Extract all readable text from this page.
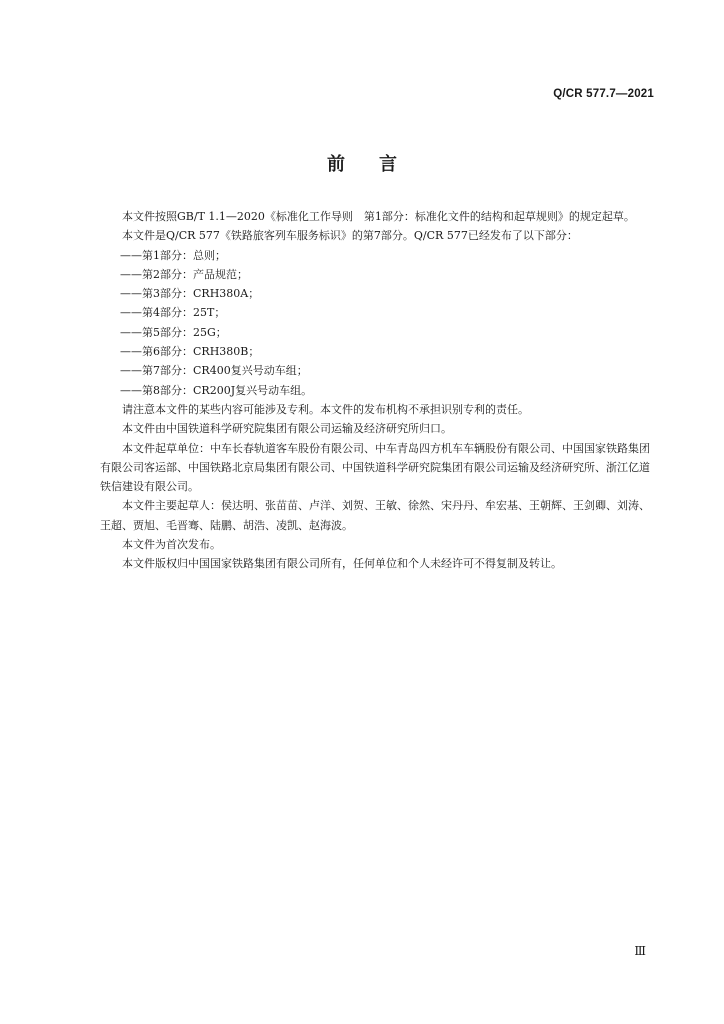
Q/CR 577.7—2021
前言

本文件按照GB/T 1.1—2020《标准化工作导则　第1部分：标准化文件的结构和起草规则》的规定起草。

本文件是Q/CR 577《铁路旅客列车服务标识》的第7部分。Q/CR 577已经发布了以下部分：

——第1部分：总则；

——第2部分：产品规范；

——第3部分：CRH380A；

——第4部分：25T；

——第5部分：25G；

——第6部分：CRH380B；

——第7部分：CR400复兴号动车组；

——第8部分：CR200J复兴号动车组。

请注意本文件的某些内容可能涉及专利。本文件的发布机构不承担识别专利的责任。

本文件由中国铁道科学研究院集团有限公司运输及经济研究所归口。

本文件起草单位：中车长春轨道客车股份有限公司、中车青岛四方机车车辆股份有限公司、中国国家铁路集团有限公司客运部、中国铁路北京局集团有限公司、中国铁道科学研究院集团有限公司运输及经济研究所、浙江亿道铁信建设有限公司。

本文件主要起草人：侯达明、张苗苗、卢洋、刘贺、王敏、徐然、宋丹丹、牟宏基、王朝辉、王剑卿、刘涛、王超、贾旭、毛晋骞、陆鹏、胡浩、凌凯、赵海波。

本文件为首次发布。

本文件版权归中国国家铁路集团有限公司所有，任何单位和个人未经许可不得复制及转让。

Ⅲ
